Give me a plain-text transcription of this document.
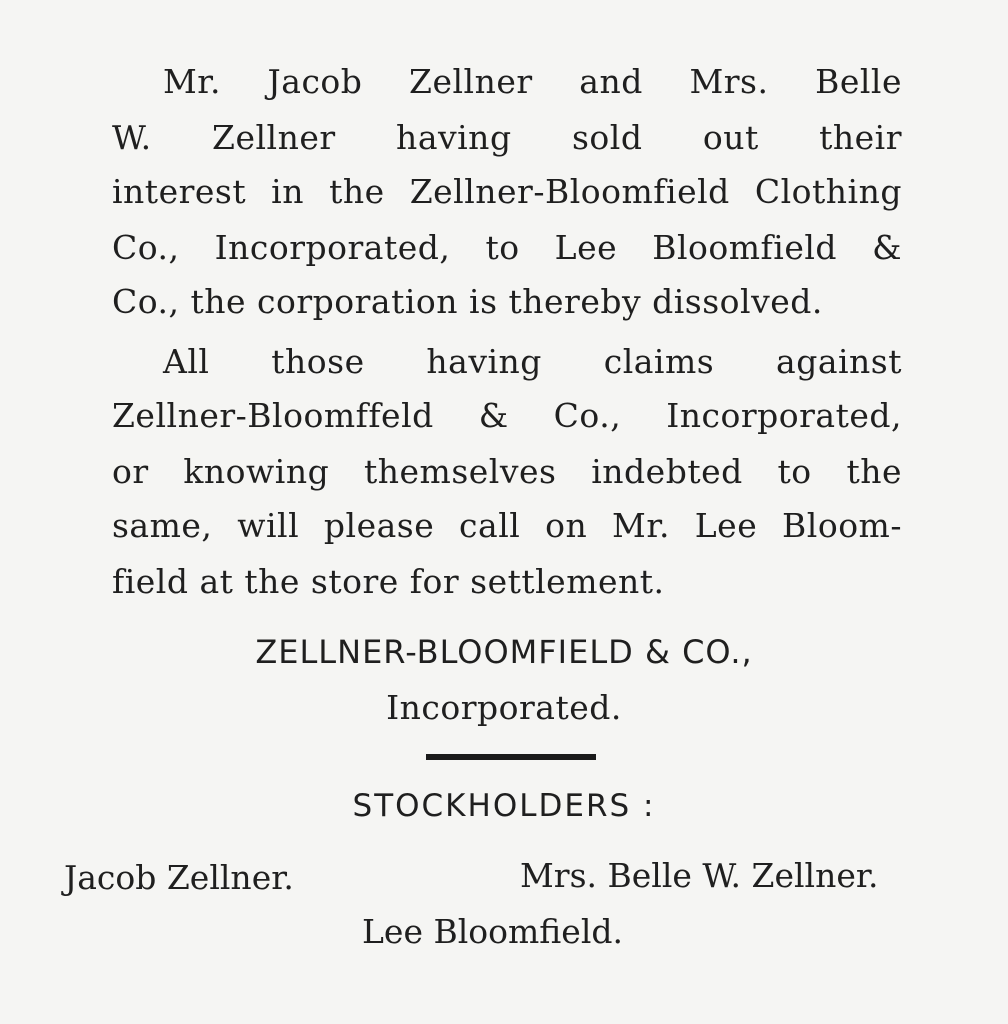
Mr. Jacob Zellner and Mrs. Belle
W. Zellner having sold out their
interest in the Zellner-Bloomfield Clothing
Co., Incorporated, to Lee Bloomfield &
Co., the corporation is thereby dissolved.
All those having claims against
Zellner-Bloomffeld & Co., Incorporated,
or knowing themselves indebted to the
same, will please call on Mr. Lee Bloom-
field at the store for settlement.
ZELLNER-BLOOMFIELD & CO.,
Incorporated.
STOCKHOLDERS :
Jacob Zellner.	Mrs. Belle W. Zellner.
Lee Bloomfield.
